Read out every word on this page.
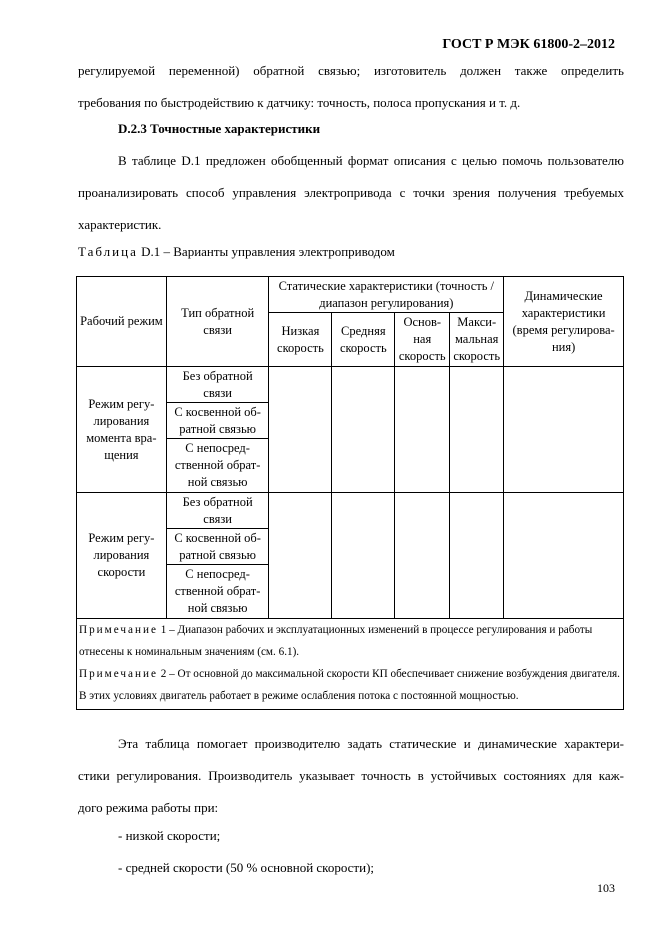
ГОСТ Р МЭК 61800-2–2012
регулируемой переменной) обратной связью; изготовитель должен также определить
требования по быстродействию к датчику: точность, полоса пропускания и т. д.
D.2.3 Точностные характеристики
В таблице D.1 предложен обобщенный формат описания с целью помочь пользователю
проанализировать способ управления электропривода с точки зрения получения требуемых
характеристик.
Таблица D.1 – Варианты управления электроприводом
Рабочий режим	Тип обратной связи	Статические характеристики (точность /диапазон регулирования)				Динамические характеристики (время регулирова-ния)
		Низкая скорость	Средняя скорость	Основ-ная скорость	Макси-мальная скорость	
Режим регу-лирования момента вра-щения	Без обратной связи					
	С косвенной об-ратной связью					
	С непосред-ственной обрат-ной связью					
Режим регу-лирования скорости	Без обратной связи					
	С косвенной об-ратной связью					
	С непосред-ственной обрат-ной связью					

Примечание 1 – Диапазон рабочих и эксплуатационных изменений в процессе регулирования и работы отнесены к номинальным значениям (см. 6.1).
Примечание 2 – От основной до максимальной скорости КП обеспечивает снижение возбуждения двигателя. В этих условиях двигатель работает в режиме ослабления потока с постоянной мощностью.						
Эта таблица помогает производителю задать статические и динамические характери-
стики регулирования. Производитель указывает точность в устойчивых состояниях для каж-
дого режима работы при:
- низкой скорости;
- средней скорости (50 % основной скорости);
103
